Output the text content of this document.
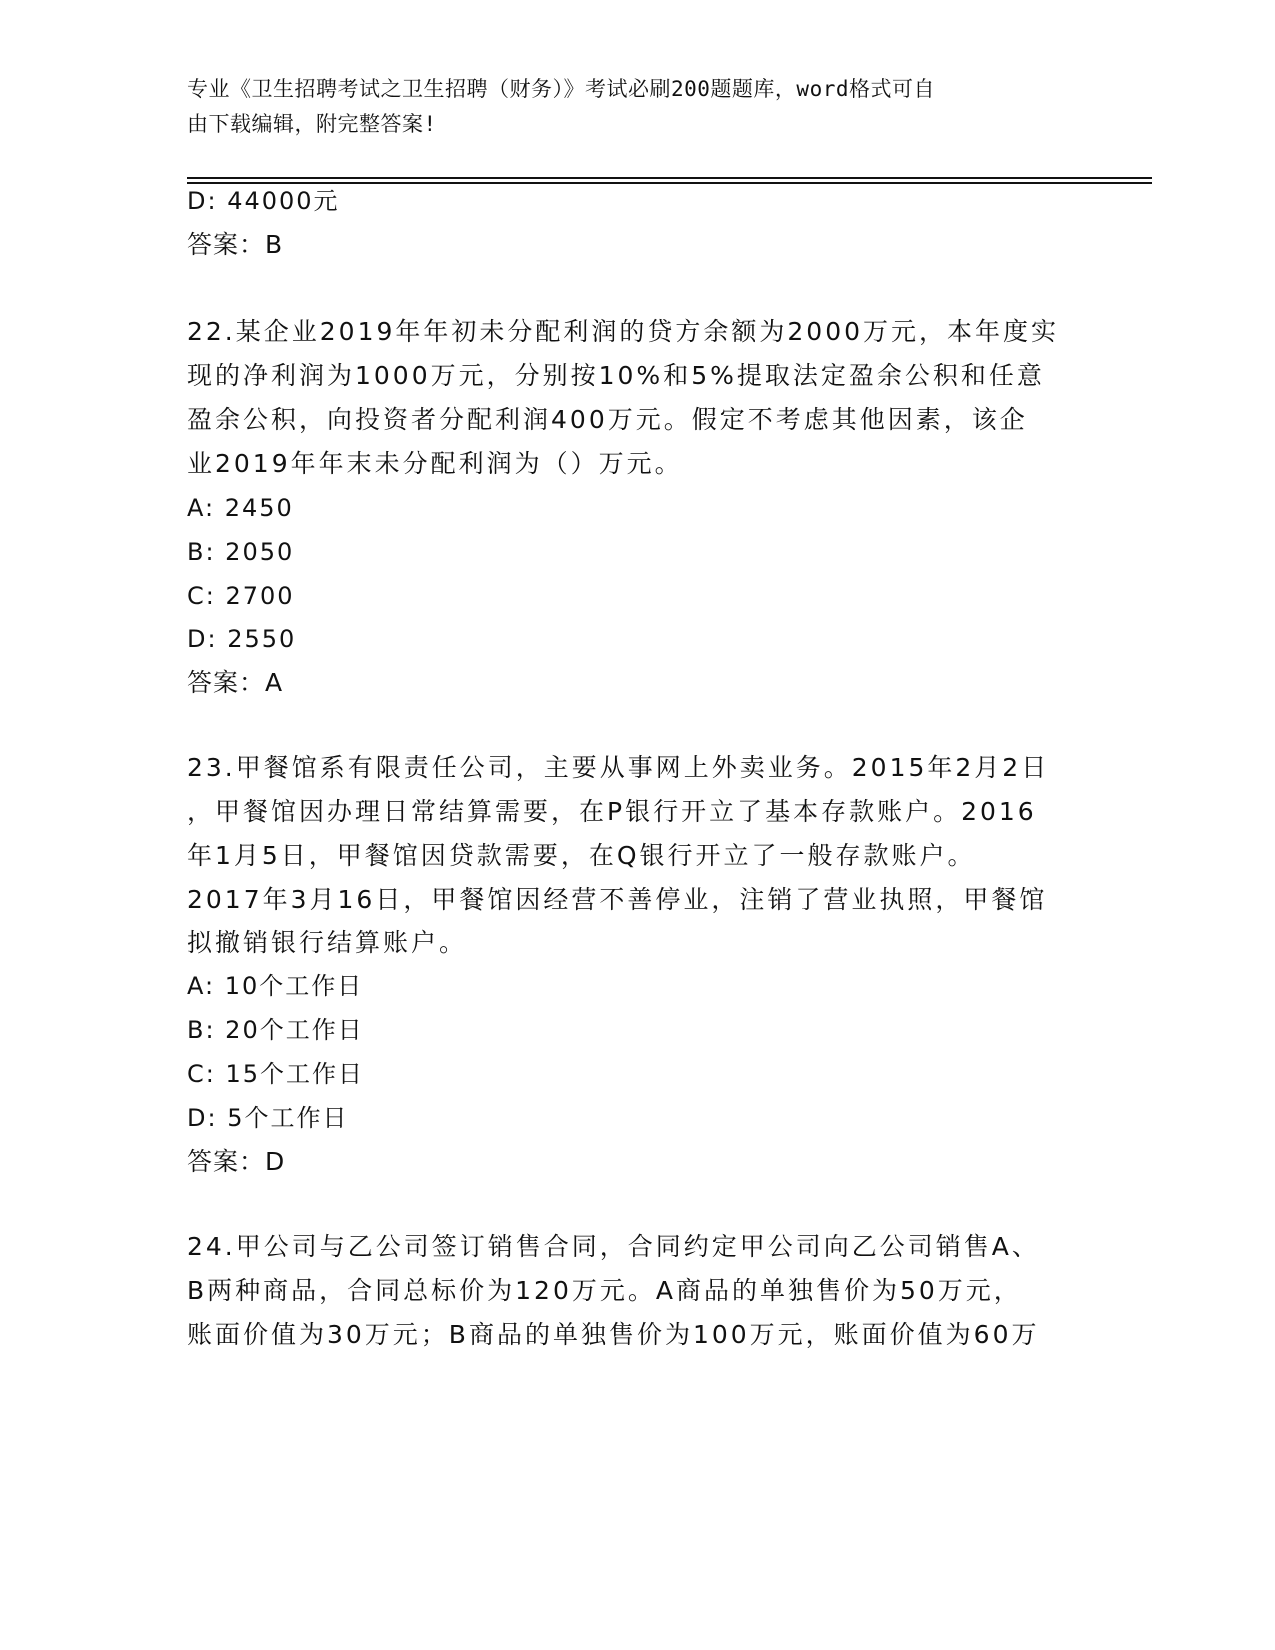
专业《卫生招聘考试之卫生招聘（财务）》考试必刷200题题库，word格式可自
由下载编辑，附完整答案!
D: 44000元
答案：B
22.某企业2019年年初未分配利润的贷方余额为2000万元，本年度实
现的净利润为1000万元，分别按10%和5%提取法定盈余公积和任意
盈余公积，向投资者分配利润400万元。假定不考虑其他因素，该企
业2019年年末未分配利润为（）万元。
A: 2450
B: 2050
C: 2700
D: 2550
答案：A
23.甲餐馆系有限责任公司，主要从事网上外卖业务。2015年2月2日
，甲餐馆因办理日常结算需要，在P银行开立了基本存款账户。2016
年1月5日，甲餐馆因贷款需要，在Q银行开立了一般存款账户。
2017年3月16日，甲餐馆因经营不善停业，注销了营业执照，甲餐馆
拟撤销银行结算账户。
A: 10个工作日
B: 20个工作日
C: 15个工作日
D: 5个工作日
答案：D
24.甲公司与乙公司签订销售合同，合同约定甲公司向乙公司销售A、
B两种商品，合同总标价为120万元。A商品的单独售价为50万元，
账面价值为30万元；B商品的单独售价为100万元，账面价值为60万
